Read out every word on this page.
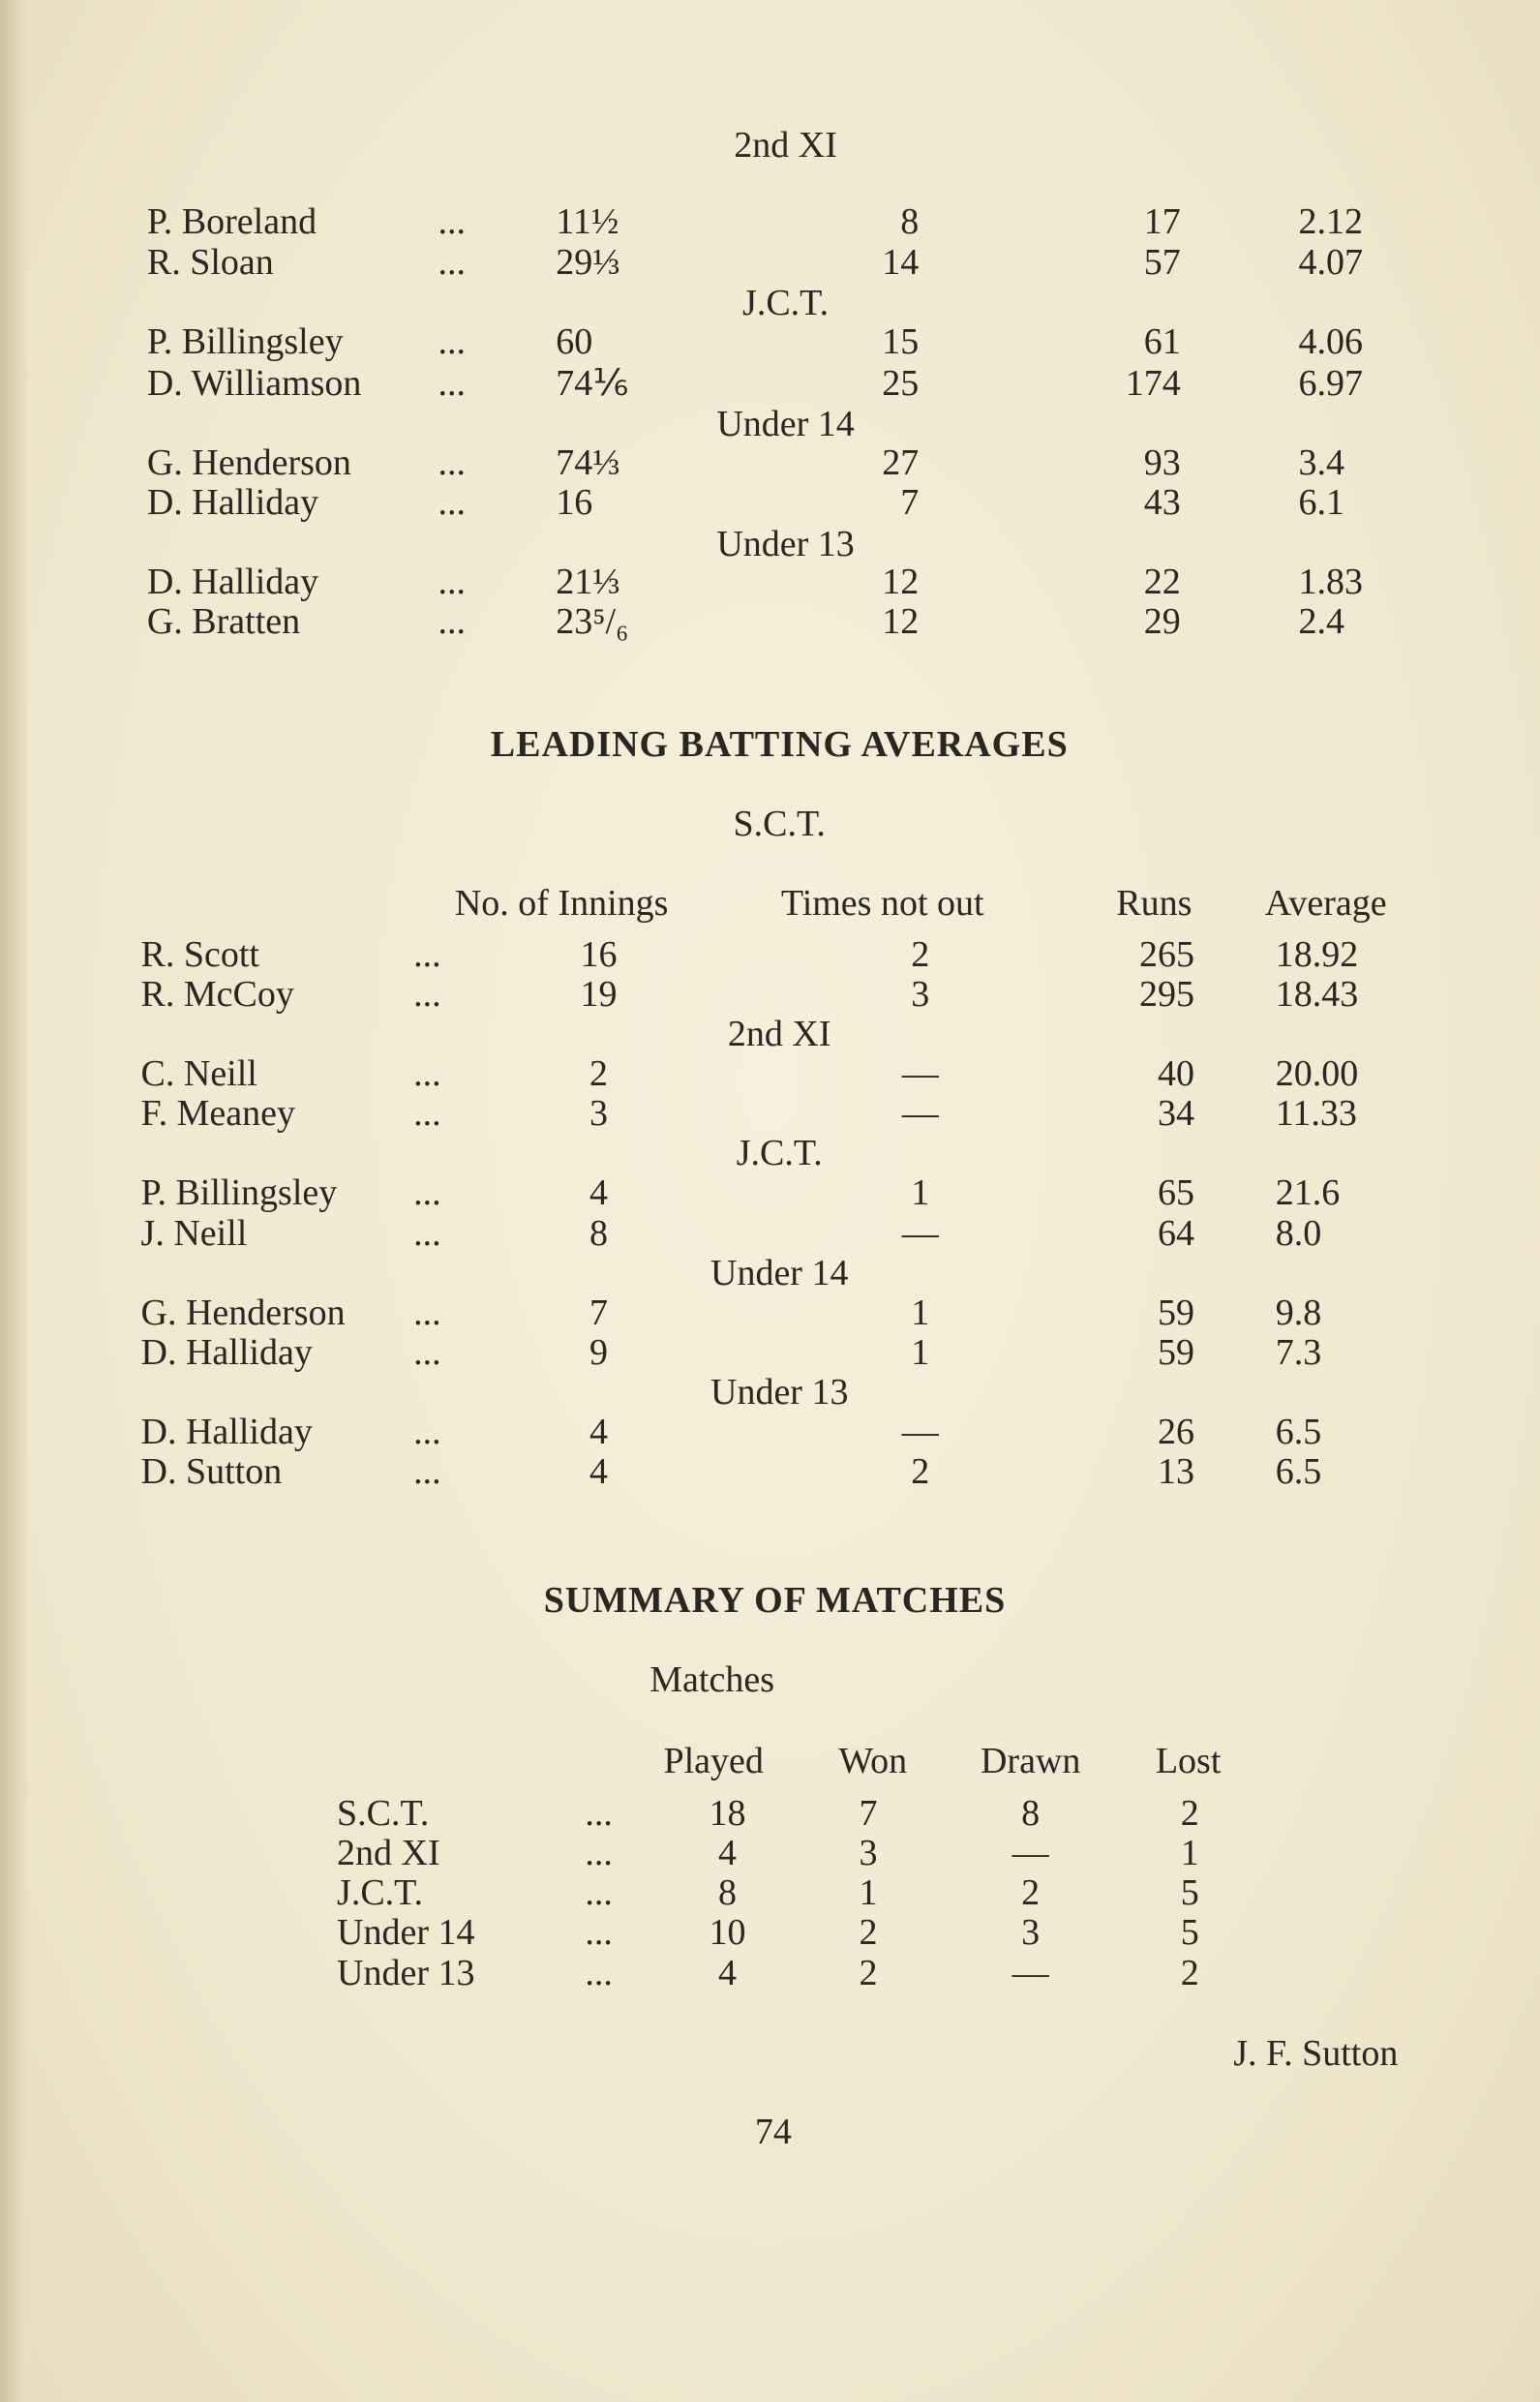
2nd XI
P. Boreland	... 11½	8	17	2.12
R. Sloan	... 29⅓	14	57	4.07
J.C.T.
P. Billingsley	... 60	15	61	4.06
D. Williamson ... 74⅙	25	174	6.97
Under 14
G. Henderson ... 74⅓	27	93	3.4
D. Halliday	... 16	7	43	6.1
Under 13
D. Halliday	... 21⅓	12	22	1.83
G. Bratten	... 23⁵/₆	12	29	2.4
LEADING BATTING AVERAGES
No. of Innings	Times not out	Runs Average
S.C.T.
R. Scott	...	16	2	265 18.92
R. McCoy	...	19	3	295 18.43
2nd XI
C. Neill	...	2	—	40 20.00
F. Meaney	...	3	—	34 11.33
J.C.T.
P. Billingsley ...	4	1	65 21.6
J. Neill	...	8	—	64 8.0
Under 14
G. Henderson ...	7	1	59 9.8
D. Halliday	...	9	1	59 7.3
Under 13
D. Halliday	...	4	—	26 6.5
D. Sutton	...	4	2	13 6.5
SUMMARY OF MATCHES
Matches
Played Won Drawn Lost
S.C.T.	...	18	7	8	2
2nd XI	...	4	3	—	1
J.C.T.	...	8	1	2	5
Under 14	...	10	2	3	5
Under 13	...	4	2	—	2
J. F. Sutton
74
